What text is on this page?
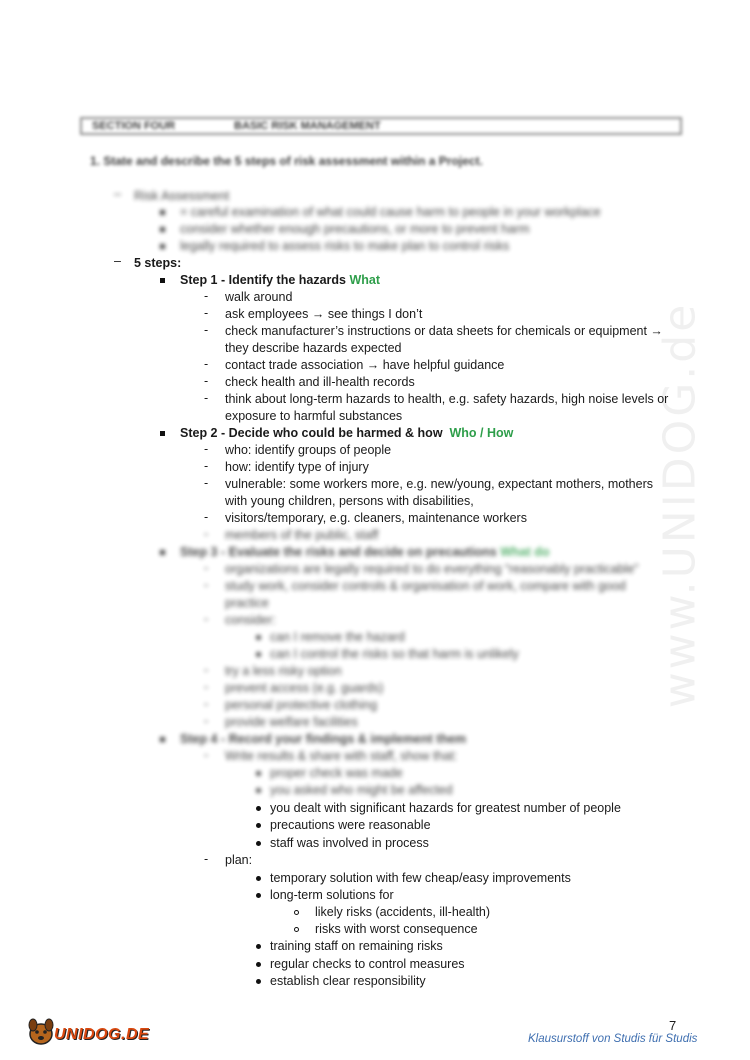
www.UNIDOG.de
SECTION FOUR	BASIC RISK MANAGEMENT
1. State and describe the 5 steps of risk assessment within a Project.
– Risk Assessment
= careful examination of what could cause harm to people in your workplace
consider whether enough precautions, or more to prevent harm
legally required to assess risks to make plan to control risks
– 5 steps:
Step 1 - Identify the hazards What
- walk around
- ask employees → see things I don’t
- check manufacturer’s instructions or data sheets for chemicals or equipment →
they describe hazards expected
- contact trade association → have helpful guidance
- check health and ill-health records
- think about long-term hazards to health, e.g. safety hazards, high noise levels or
exposure to harmful substances
Step 2 - Decide who could be harmed & how Who / How
- who: identify groups of people
- how: identify type of injury
- vulnerable: some workers more, e.g. new/young, expectant mothers, mothers
with young children, persons with disabilities,
- visitors/temporary, e.g. cleaners, maintenance workers
- members of the public, staff
Step 3 - Evaluate the risks and decide on precautions What do
- organizations are legally required to do everything “reasonably practicable”
- study work, consider controls & organisation of work, compare with good
practice
- consider:
can I remove the hazard
can I control the risks so that harm is unlikely
- try a less risky option
- prevent access (e.g. guards)
- personal protective clothing
- provide welfare facilities
Step 4 - Record your findings & implement them
- Write results & share with staff, show that:
proper check was made
you asked who might be affected
you dealt with significant hazards for greatest number of people
precautions were reasonable
staff was involved in process
- plan:
temporary solution with few cheap/easy improvements
long-term solutions for
likely risks (accidents, ill-health)
risks with worst consequence
training staff on remaining risks
regular checks to control measures
establish clear responsibility
UNIDOG.DE
7
Klausurstoff von Studis für Studis
